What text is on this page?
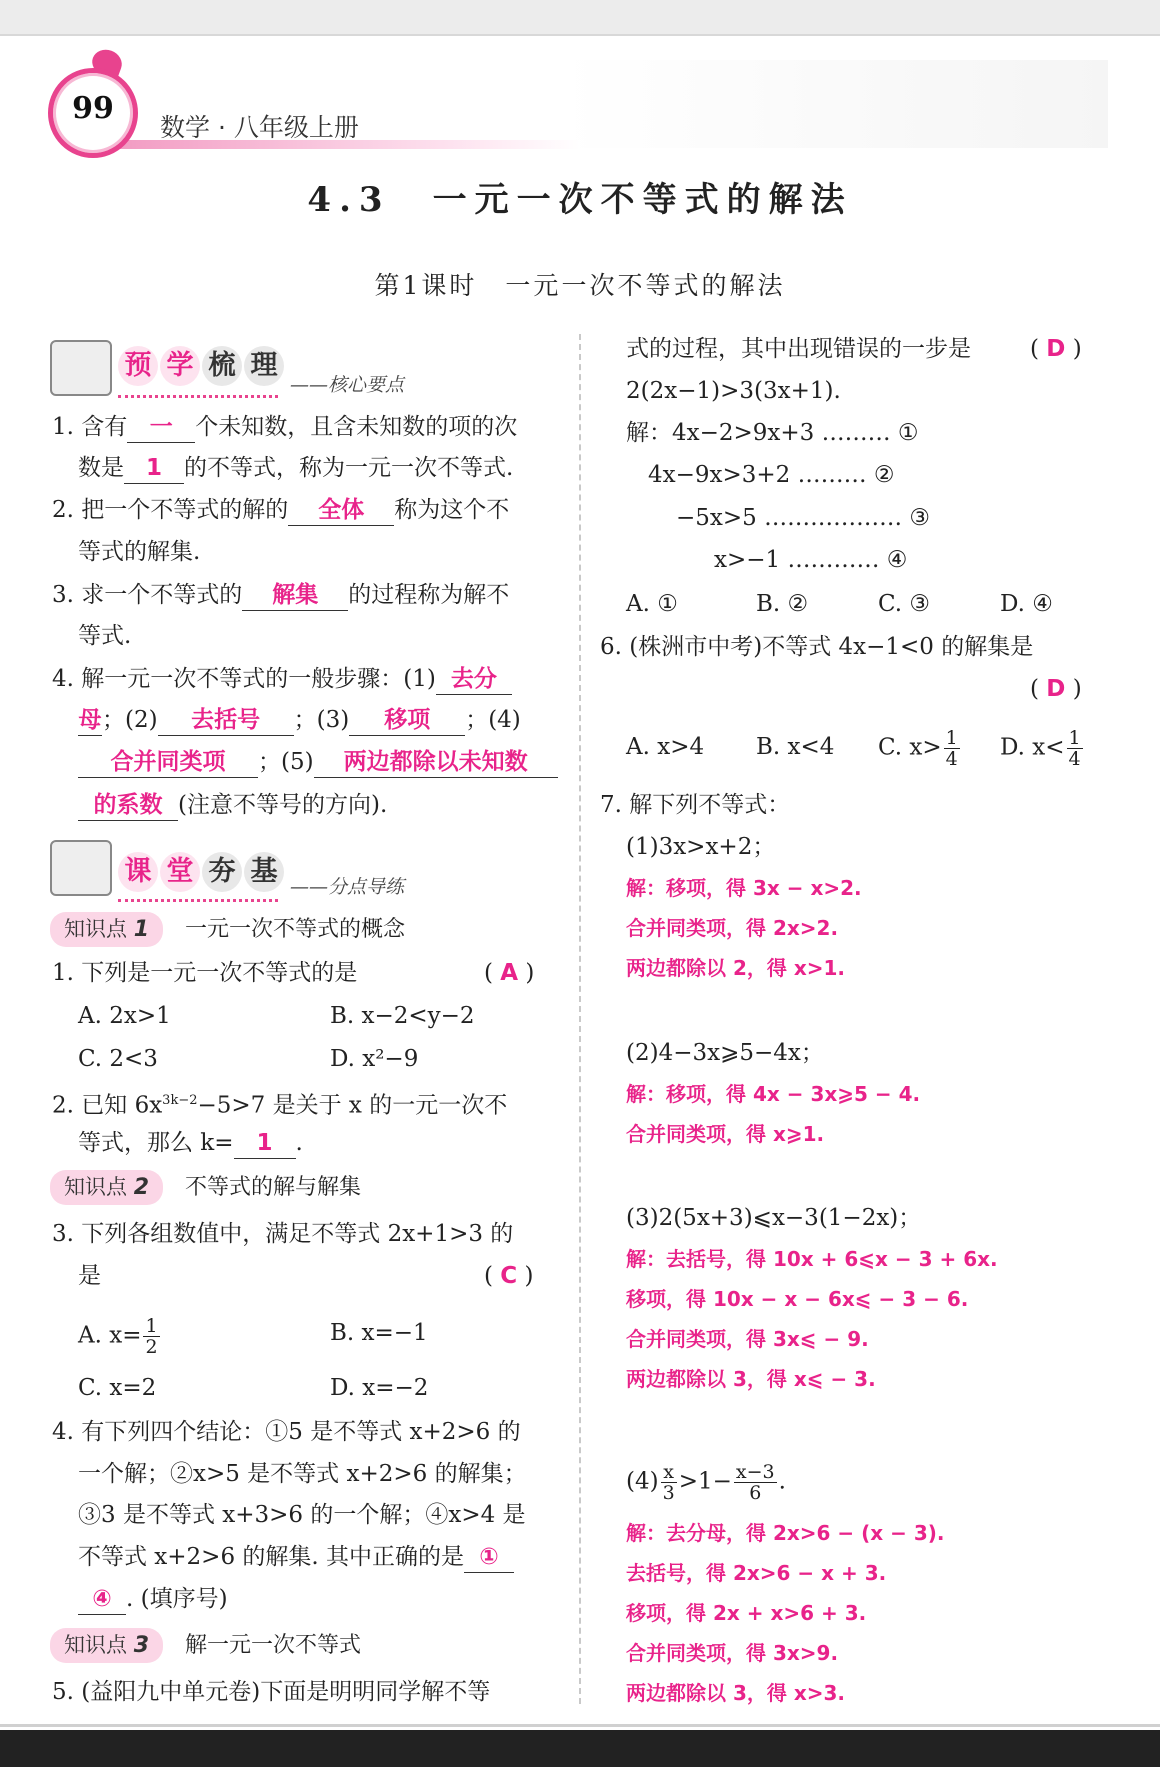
99
数学 · 八年级上册
4.3　一元一次不等式的解法
第1课时　一元一次不等式的解法
预 学 梳 理
——核心要点
1. 含有 一 个未知数，且含未知数的项的次
数是 1 的不等式，称为一元一次不等式.
2. 把一个不等式的解的 全体 称为这个不
等式的解集.
3. 求一个不等式的 解集 的过程称为解不
等式.
4. 解一元一次不等式的一般步骤：(1) 去分
母；(2) 去括号 ；(3) 移项 ；(4)
合并同类项 ；(5) 两边都除以未知数
的系数 (注意不等号的方向).
课 堂 夯 基 ——分点导练
知识点 1 一元一次不等式的概念
1. 下列是一元一次不等式的是	( A )
A. 2x>1	B. x−2<y−2
C. 2<3	D. x²−9
2. 已知 $6x^{3k-2}-5>7$ 是关于 x 的一元一次不
等式，那么 k= 1 .
知识点 2 不等式的解与解集
3. 下列各组数值中，满足不等式 2x+1>3 的
是	( C )
A. $x= \frac{1}{2}$	B. x=−1
C. x=2	D. x=−2
4. 有下列四个结论：①5 是不等式 x+2>6 的
一个解；②x>5 是不等式 x+2>6 的解集；
③3 是不等式 x+3>6 的一个解；④x>4 是
不等式 x+2>6 的解集. 其中正确的是 ①
④ . (填序号)
知识点 3 解一元一次不等式
5. (益阳九中单元卷)下面是明明同学解不等
式的过程，其中出现错误的一步是	( D )
2(2x−1)>3(3x+1).
解：4x−2>9x+3 ……… ①
4x−9x>3+2 ……… ②
−5x>5 ……………… ③
x>−1 ………… ④
A. ①	B. ②	C. ③	D. ④
6. (株洲市中考)不等式 4x−1<0 的解集是
( D )
A. x>4 B. x<4 C. $x> \frac{1}{4} D$. $x< \frac{1}{4}$
7. 解下列不等式：
(1)3x>x+2；
解：移项，得 3x − x>2.
合并同类项，得 2x>2.
两边都除以 2，得 x>1.
(2)4−3x⩾5−4x；
解：移项，得 4x − 3x⩾5 − 4.
合并同类项，得 x⩾1.
(3)2(5x+3)⩽x−3(1−2x)；
解：去括号，得 10x + 6⩽x − 3 + 6x.
移项，得 10x − x − 6x⩽ − 3 − 6.
合并同类项，得 3x⩽ − 9.
两边都除以 3，得 x⩽ − 3.
$(4) \frac{x}{3} >1- \frac{x-3}{6}$ .
解：去分母，得 2x>6 − (x − 3).
去括号，得 2x>6 − x + 3.
移项，得 2x + x>6 + 3.
合并同类项，得 3x>9.
两边都除以 3，得 x>3.
